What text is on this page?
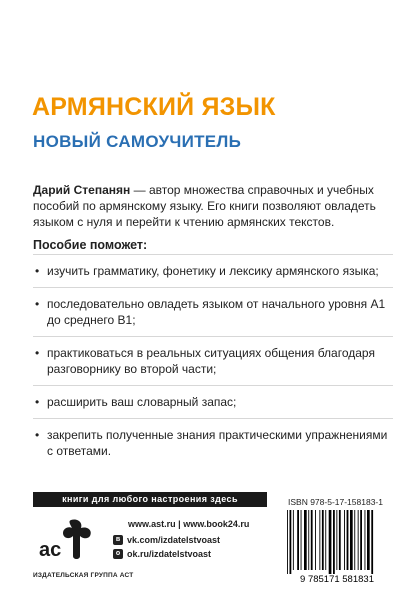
АРМЯНСКИЙ ЯЗЫК
НОВЫЙ САМОУЧИТЕЛЬ

Дарий Степанян — автор множества справочных и учебных пособий по армянскому языку. Его книги позволяют овладеть языком с нуля и перейти к чтению армянских текстов.

Пособие поможет:

• изучить грамматику, фонетику и лексику армянского языка;
• последовательно овладеть языком от начального уровня А1 до среднего В1;
• практиковаться в реальных ситуациях общения благодаря разговорнику во второй части;
• расширить ваш словарный запас;
• закрепить полученные знания практическими упражнениями с ответами.
книги для любого настроения здесь
ас
ИЗДАТЕЛЬСКАЯ ГРУППА АСТ
www.ast.ru | www.book24.ru
в vk.com/izdatelstvoast
о ok.ru/izdatelstvoast
ISBN 978-5-17-158183-1
9 785171 581831
